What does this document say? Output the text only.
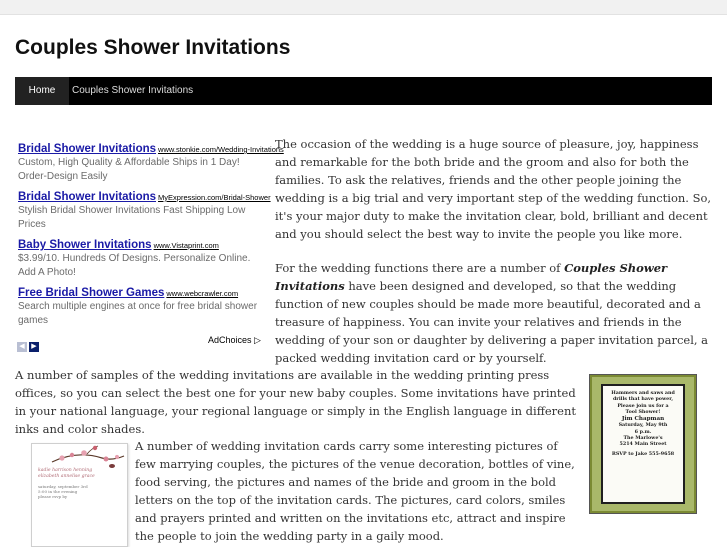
Couples Shower Invitations
Home	Couples Shower Invitations
Bridal Shower Invitations www.stonkie.com/Wedding-Invitations
Custom, High Quality & Affordable Ships in 1 Day! Order-Design Easily
Bridal Shower Invitations MyExpression.com/Bridal-Shower
Stylish Bridal Shower Invitations Fast Shipping Low Prices
Baby Shower Invitations www.Vistaprint.com
$3.99/10. Hundreds Of Designs. Personalize Online. Add A Photo!
Free Bridal Shower Games www.webcrawler.com
Search multiple engines at once for free bridal shower games
◀ ▶
AdChoices ▷
The occasion of the wedding is a huge source of pleasure, joy, happiness and remarkable for the both bride and the groom and also for both the families. To ask the relatives, friends and the other people joining the wedding is a big trial and very important step of the wedding function. So, it's your major duty to make the invitation clear, bold, brilliant and decent and you should select the best way to invite the people you like more.
For the wedding functions there are a number of Couples Shower Invitations have been designed and developed, so that the wedding function of new couples should be made more beautiful, decorated and a treasure of happiness. You can invite your relatives and friends in the wedding of your son or daughter by delivering a paper invitation parcel, a packed wedding invitation card or by yourself.
A number of samples of the wedding invitations are available in the wedding printing press offices, so you can select the best one for your new baby couples. Some invitations have printed in your national language, your regional language or simply in the English language in different inks and color shades.
Hammers and saws and
drills that have power,
Please join us for a
Tool Shower!
Jim Chapman
Saturday, May 9th
6 p.m.
The Marlowe's
5214 Main Street
RSVP to Jake 555-9658
kadie harrison henning
elizabeth annelise grace
saturday, september 3rd
5:00 in the evening
please rsvp by
A number of wedding invitation cards carry some interesting pictures of few marrying couples, the pictures of the venue decoration, bottles of vine, food serving, the pictures and names of the bride and groom in the bold letters on the top of the invitation cards. The pictures, card colors, smiles and prayers printed and written on the invitations etc, attract and inspire the people to join the wedding party in a gaily mood.
